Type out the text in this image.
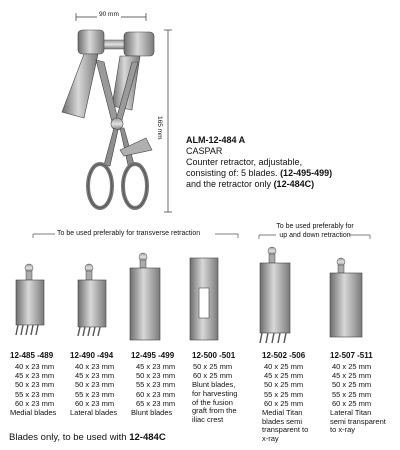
90 mm
165 mm
ALM-12-484 A
CASPAR
Counter retractor, adjustable,
consisting of: 5 blades. (12-495-499)
and the retractor only (12-484C)
To be used preferably for transverse retraction
To be used preferably for
up and down retraction
12-485 -489
40 x 23 mm
45 x 23 mm
50 x 23 mm
55 x 23 mm
60 x 23 mm
Medial blades
12-490 -494
40 x 23 mm
45 x 23 mm
50 x 23 mm
55 x 23 mm
60 x 23 mm
Lateral blades
12-495 -499
45 x 23 mm
50 x 23 mm
55 x 23 mm
60 x 23 mm
65 x 23 mm
Blunt blades
12-500 -501
50 x 25 mm
60 x 25 mm
Blunt blades,
for harvesting
of the fusion
graft from the
iliac crest
12-502 -506
40 x 25 mm
45 x 25 mm
50 x 25 mm
55 x 25 mm
60 x 25 mm
Medial Titan
blades semi
transparent to
x-ray
12-507 -511
40 x 25 mm
45 x 25 mm
50 x 25 mm
55 x 25 mm
60 x 25 mm
Lateral Titan
semi transparent
to x-ray
Blades only, to be used with 12-484C
